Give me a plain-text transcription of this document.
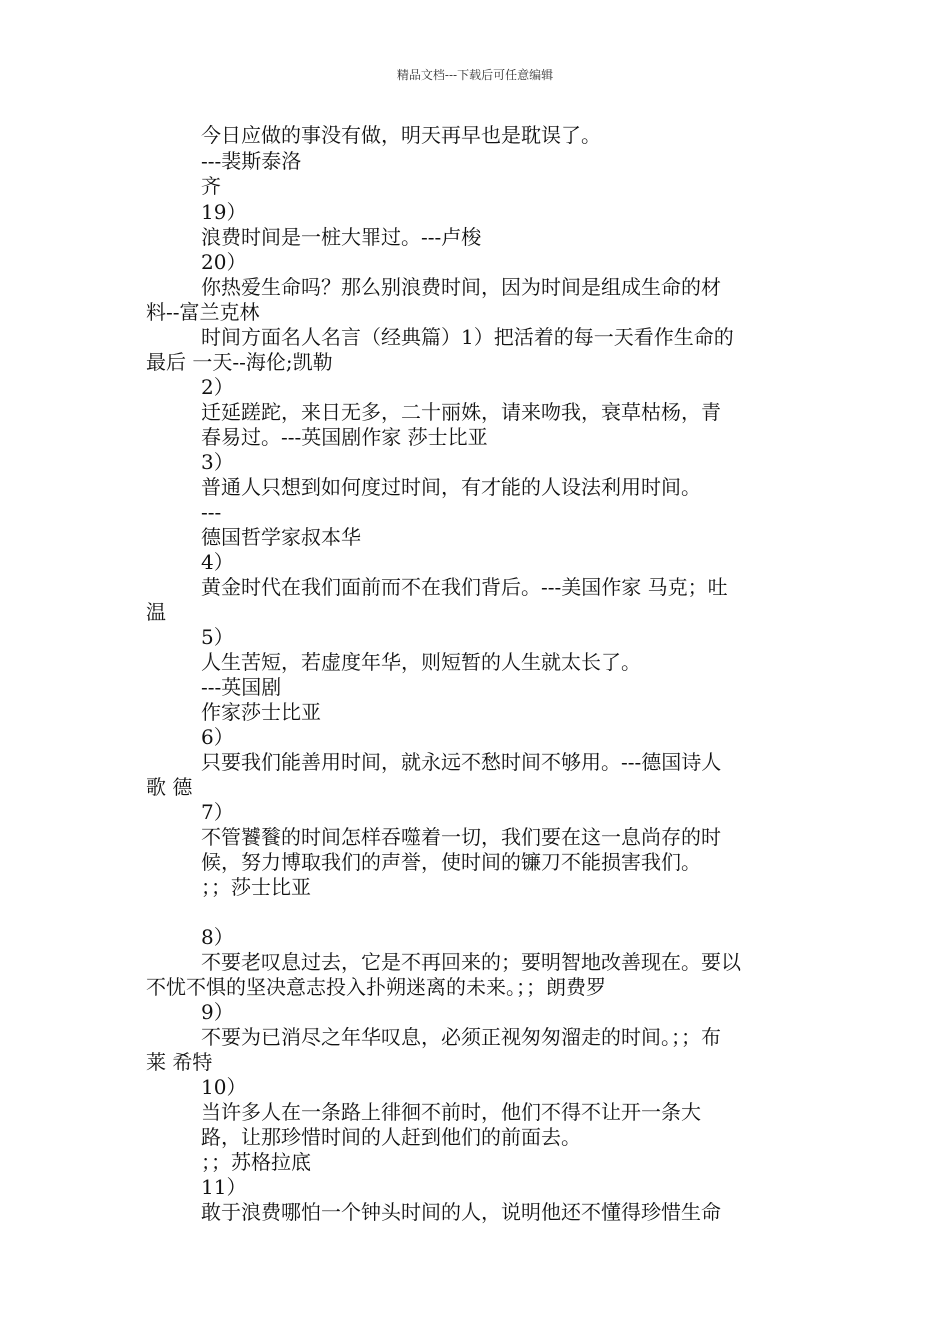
精品文档---下载后可任意编辑
今日应做的事没有做，明天再早也是耽误了。
---裴斯泰洛
齐
19）
浪费时间是一桩大罪过。---卢梭
20）
你热爱生命吗？那么别浪费时间，因为时间是组成生命的材
料--富兰克林
时间方面名人名言（经典篇）1）把活着的每一天看作生命的
最后 一天--海伦;凯勒
2）
迁延蹉跎，来日无多，二十丽姝，请来吻我，衰草枯杨，青
春易过。---英国剧作家 莎士比亚
3）
普通人只想到如何度过时间，有才能的人设法利用时间。
---
德国哲学家叔本华
4）
黄金时代在我们面前而不在我们背后。---美国作家 马克；吐
温
5）
人生苦短，若虚度年华，则短暂的人生就太长了。
---英国剧
作家莎士比亚
6）
只要我们能善用时间，就永远不愁时间不够用。---德国诗人
歌 德
7）
不管饕餮的时间怎样吞噬着一切，我们要在这一息尚存的时
候，努力博取我们的声誉，使时间的镰刀不能损害我们。
；；莎士比亚
8）
不要老叹息过去，它是不再回来的；要明智地改善现在。要以
不忧不惧的坚决意志投入扑朔迷离的未来。；；朗费罗
9）
不要为已消尽之年华叹息，必须正视匆匆溜走的时间。；；布
莱 希特
10）
当许多人在一条路上徘徊不前时，他们不得不让开一条大
路，让那珍惜时间的人赶到他们的前面去。
；；苏格拉底
11）
敢于浪费哪怕一个钟头时间的人，说明他还不懂得珍惜生命
